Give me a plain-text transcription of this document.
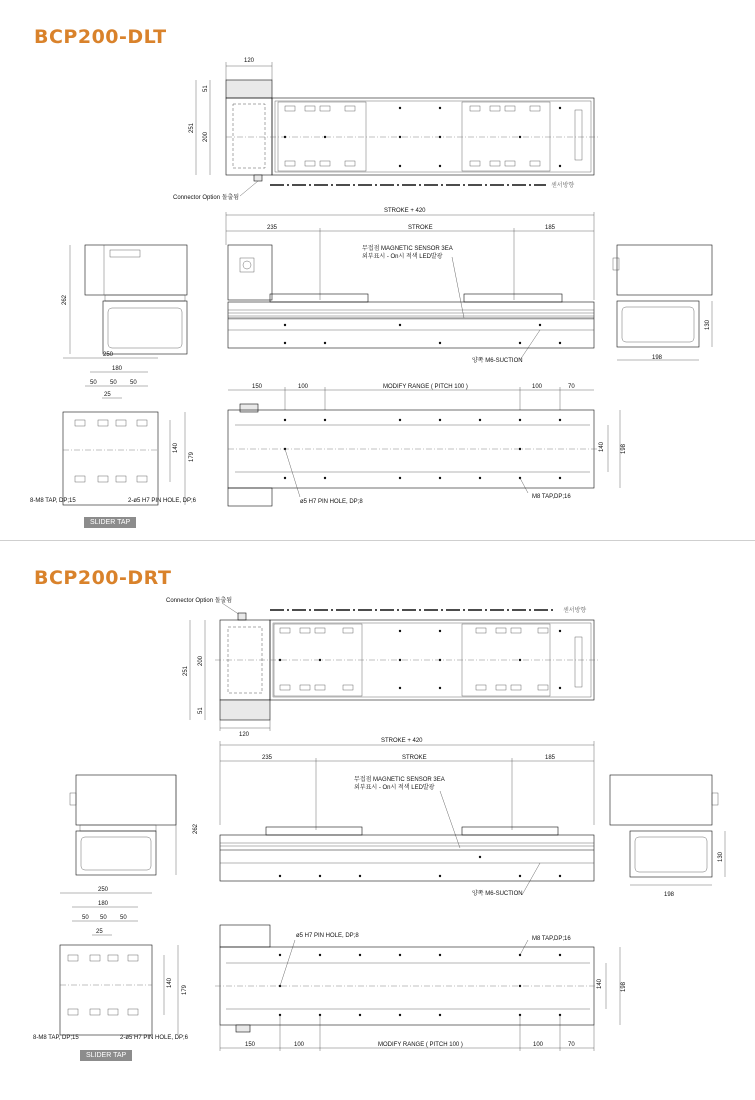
BCP200-DLT
120
51
251
200
Connector Option 돌출됨
센서방향
STROKE + 420
235	STROKE	185
무접점 MAGNETIC SENSOR 3EA
외부표시 - On시 적색 LED발광
양쪽 M6-SUCTION
262
130
198
250
180
50 50 50
25
140
179
8-M8 TAP, DP;15	2-ø5 H7 PIN HOLE, DP;6
150	100	MODIFY RANGE ( PITCH 100 )	100	70
140	198
ø5 H7 PIN HOLE, DP;8
M8 TAP,DP;16
SLIDER TAP
BCP200-DRT
Connector Option 돌출됨
센서방향
251
200
51
120
STROKE + 420
235	STROKE	185
무접점 MAGNETIC SENSOR 3EA
외부표시 - On시 적색 LED발광
양쪽 M6-SUCTION
262
130
198
250
180
50 50 50
25
140
179
8-M8 TAP, DP;15	2-ø5 H7 PIN HOLE, DP;6
ø5 H7 PIN HOLE, DP;8	M8 TAP,DP;16
140	198
150	100	MODIFY RANGE ( PITCH 100 )	100	70
SLIDER TAP
